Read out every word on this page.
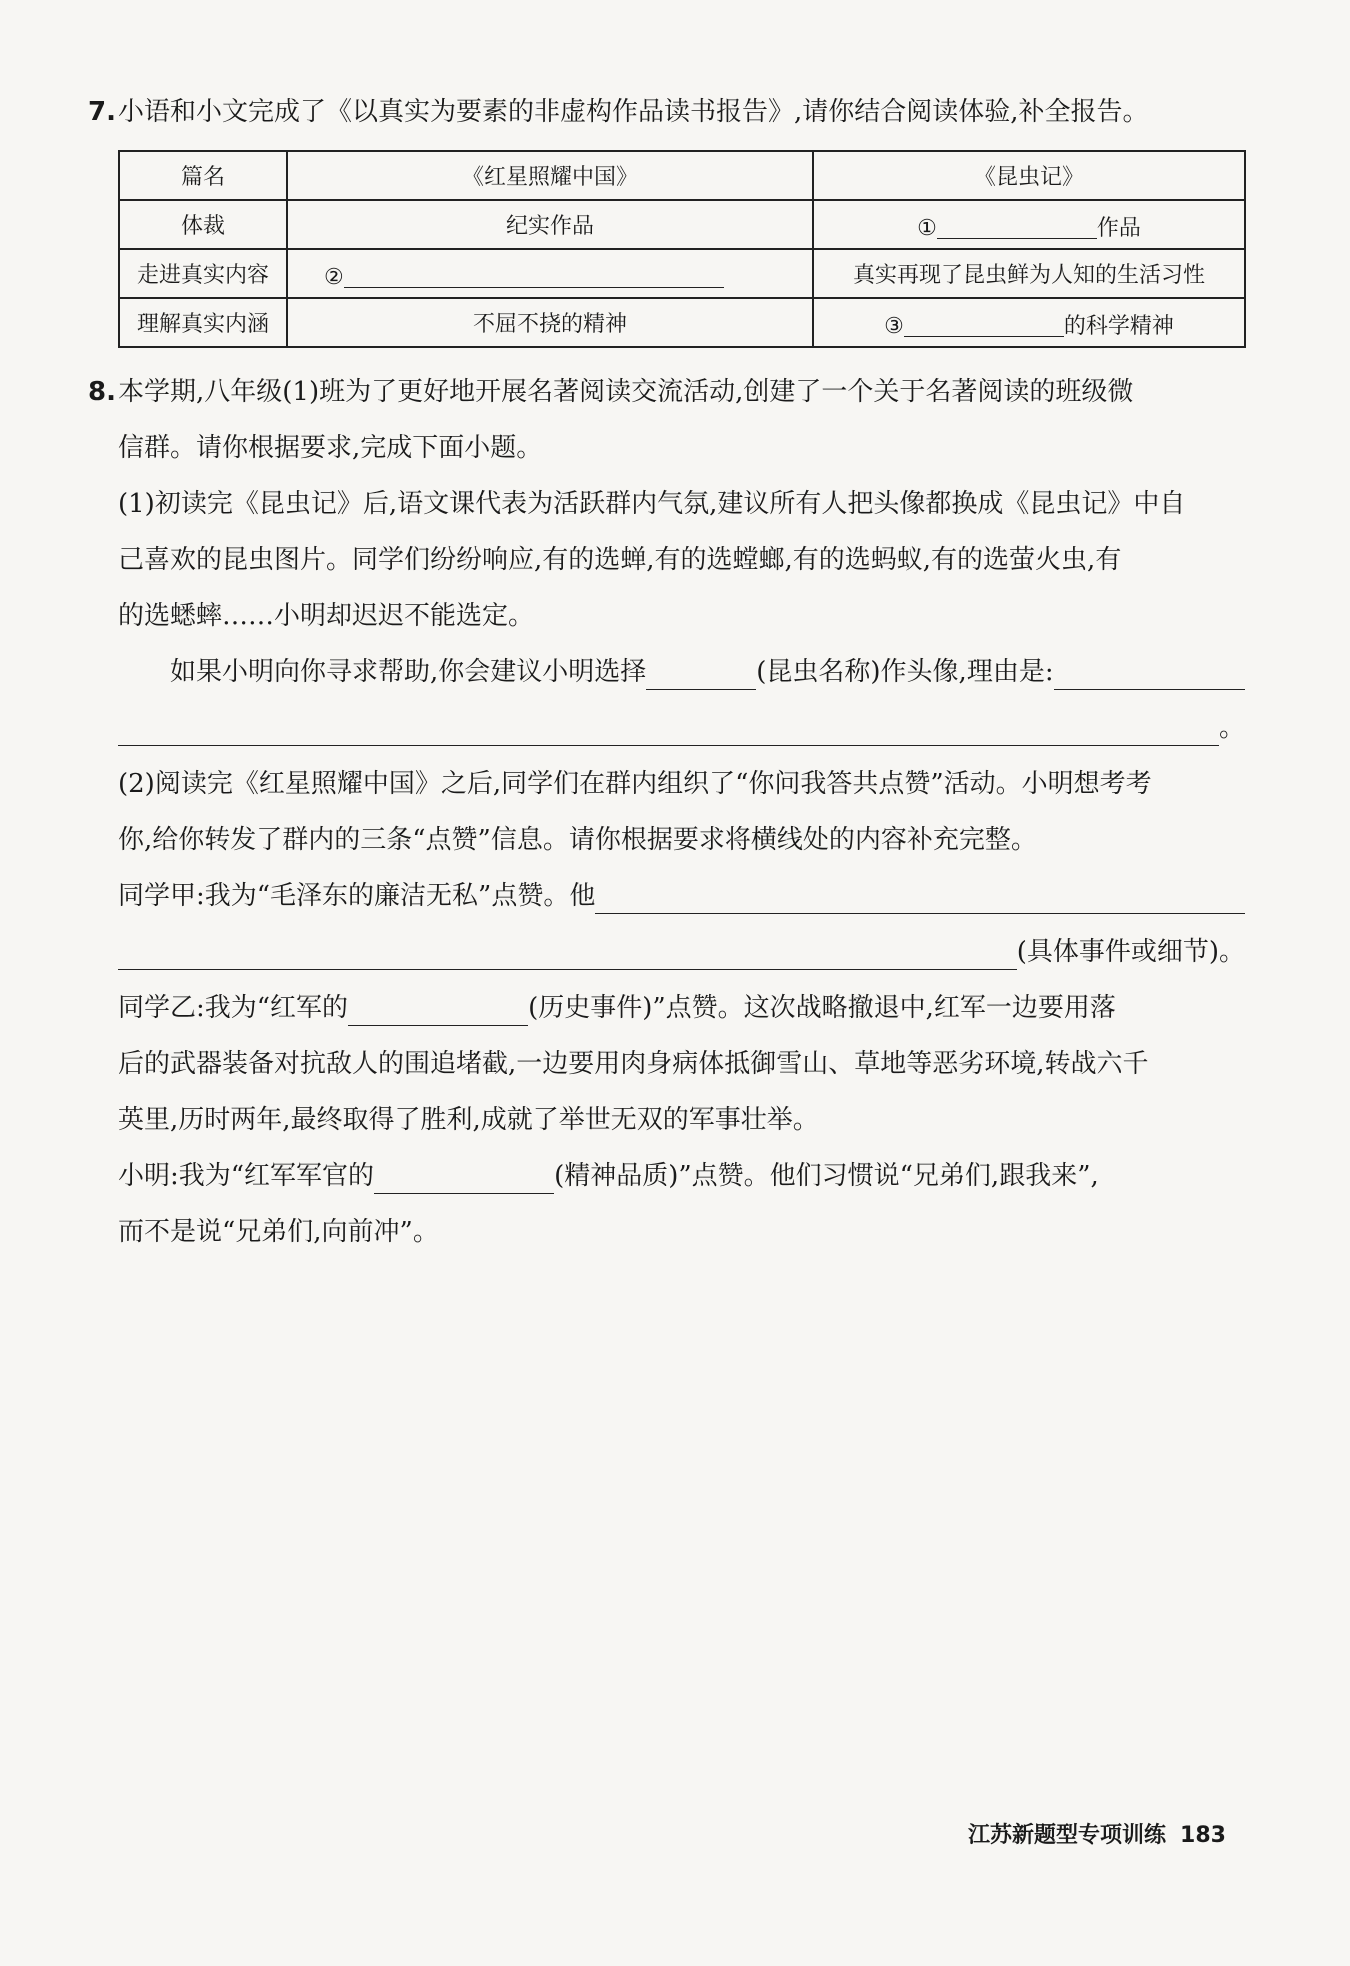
7. 小语和小文完成了《以真实为要素的非虚构作品读书报告》,请你结合阅读体验,补全报告。
篇名	《红星照耀中国》	《昆虫记》
体裁	纪实作品	① 作品
走进真实内容	②	真实再现了昆虫鲜为人知的生活习性
理解真实内涵	不屈不挠的精神	③ 的科学精神
8. 本学期,八年级(1)班为了更好地开展名著阅读交流活动,创建了一个关于名著阅读的班级微

信群。请你根据要求,完成下面小题。

(1)初读完《昆虫记》后,语文课代表为活跃群内气氛,建议所有人把头像都换成《昆虫记》中自

己喜欢的昆虫图片。同学们纷纷响应,有的选蝉,有的选螳螂,有的选蚂蚁,有的选萤火虫,有

的选蟋蟀……小明却迟迟不能选定。

如果小明向你寻求帮助,你会建议小明选择	(昆虫名称)作头像,理由是:
。

(2)阅读完《红星照耀中国》之后,同学们在群内组织了“你问我答共点赞”活动。小明想考考

你,给你转发了群内的三条“点赞”信息。请你根据要求将横线处的内容补充完整。

同学甲:我为“毛泽东的廉洁无私”点赞。他
(具体事件或细节)。
同学乙:我为“红军的	(历史事件)”点赞。这次战略撤退中,红军一边要用落

后的武器装备对抗敌人的围追堵截,一边要用肉身病体抵御雪山、草地等恶劣环境,转战六千

英里,历时两年,最终取得了胜利,成就了举世无双的军事壮举。

小明:我为“红军军官的	(精神品质)”点赞。他们习惯说“兄弟们,跟我来”,

而不是说“兄弟们,向前冲”。

江苏新题型专项训练 183
